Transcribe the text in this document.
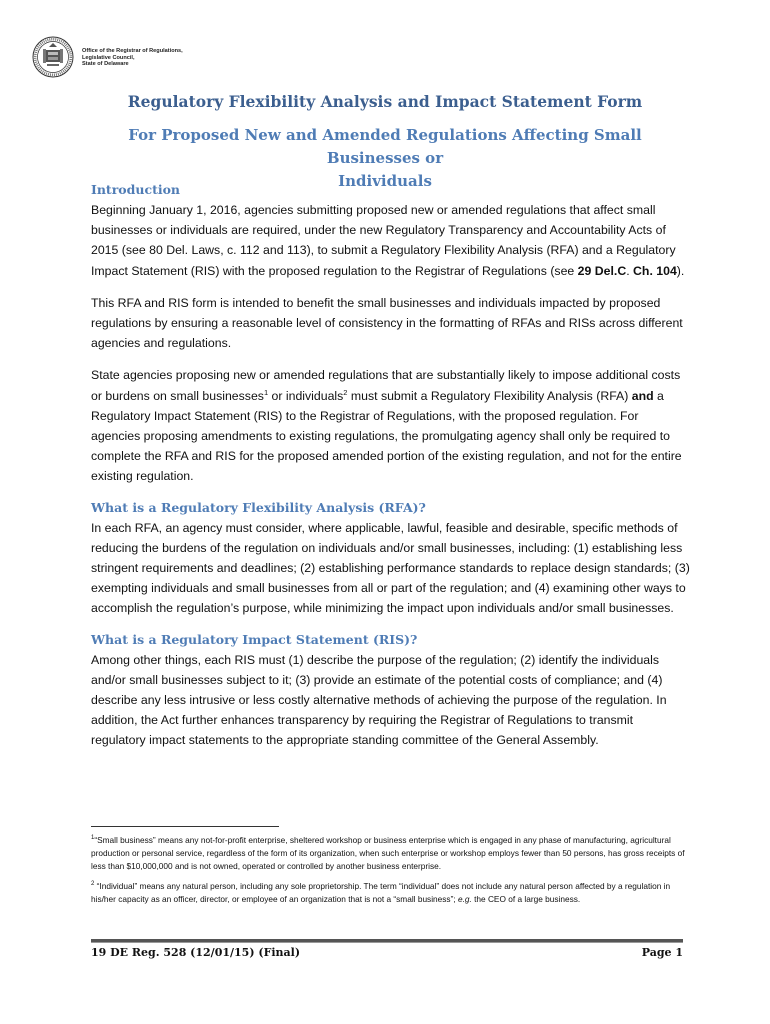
Office of the Registrar of Regulations,
Legislative Council,
State of Delaware
Regulatory Flexibility Analysis and Impact Statement Form
For Proposed New and Amended Regulations Affecting Small Businesses or
Individuals
Introduction

Beginning January 1, 2016, agencies submitting proposed new or amended regulations that affect small businesses or individuals are required, under the new Regulatory Transparency and Accountability Acts of 2015 (see 80 Del. Laws, c. 112 and 113), to submit a Regulatory Flexibility Analysis (RFA) and a Regulatory Impact Statement (RIS) with the proposed regulation to the Registrar of Regulations (see 29 Del.C. Ch. 104).

This RFA and RIS form is intended to benefit the small businesses and individuals impacted by proposed regulations by ensuring a reasonable level of consistency in the formatting of RFAs and RISs across different agencies and regulations.

State agencies proposing new or amended regulations that are substantially likely to impose additional costs or burdens on small businesses$^1$ or individuals$^2$ must submit a Regulatory Flexibility Analysis (RFA) and a Regulatory Impact Statement (RIS) to the Registrar of Regulations, with the proposed regulation. For agencies proposing amendments to existing regulations, the promulgating agency shall only be required to complete the RFA and RIS for the proposed amended portion of the existing regulation, and not for the entire existing regulation.

What is a Regulatory Flexibility Analysis (RFA)?

In each RFA, an agency must consider, where applicable, lawful, feasible and desirable, specific methods of reducing the burdens of the regulation on individuals and/or small businesses, including: (1) establishing less stringent requirements and deadlines; (2) establishing performance standards to replace design standards; (3) exempting individuals and small businesses from all or part of the regulation; and (4) examining other ways to accomplish the regulation’s purpose, while minimizing the impact upon individuals and/or small businesses.

What is a Regulatory Impact Statement (RIS)?

Among other things, each RIS must (1) describe the purpose of the regulation; (2) identify the individuals and/or small businesses subject to it; (3) provide an estimate of the potential costs of compliance; and (4) describe any less intrusive or less costly alternative methods of achieving the purpose of the regulation. In addition, the Act further enhances transparency by requiring the Registrar of Regulations to transmit regulatory impact statements to the appropriate standing committee of the General Assembly.

$^1$“Small business” means any not-for-profit enterprise, sheltered workshop or business enterprise which is engaged in any phase of manufacturing, agricultural production or personal service, regardless of the form of its organization, when such enterprise or workshop employs fewer than 50 persons, has gross receipts of less than $10,000,000 and is not owned, operated or controlled by another business enterprise.

$^2$ “Individual” means any natural person, including any sole proprietorship. The term “individual” does not include any natural person affected by a regulation in his/her capacity as an officer, director, or employee of an organization that is not a “small business”; e.g. the CEO of a large business.

19 DE Reg. 528 (12/01/15) (Final)	Page 1
